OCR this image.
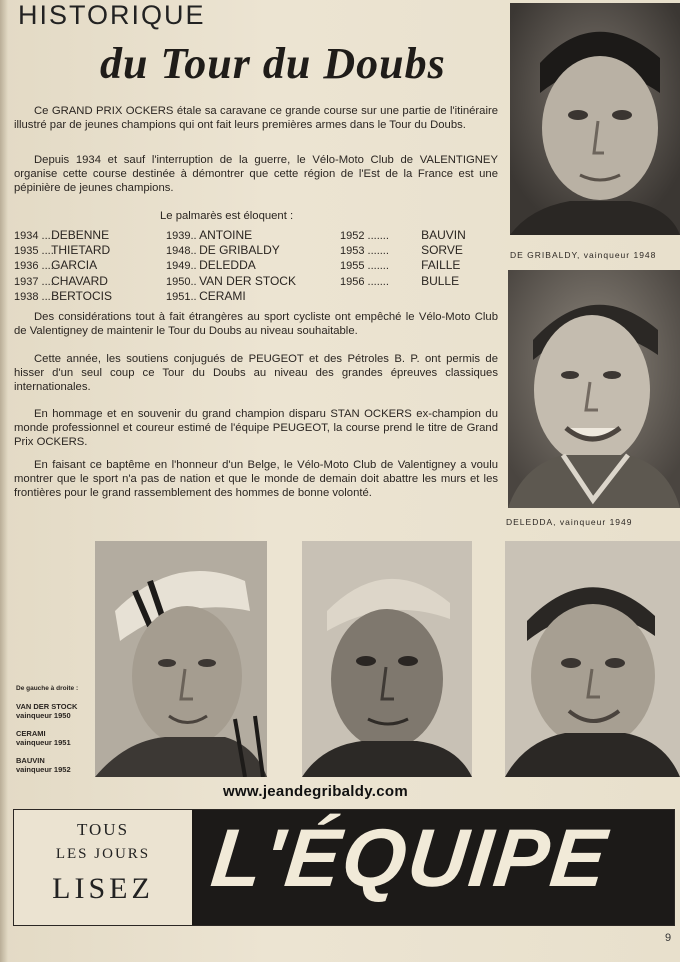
HISTORIQUE
du Tour du Doubs

Ce GRAND PRIX OCKERS étale sa caravane ce grande course sur une partie de l'itinéraire illustré par de jeunes champions qui ont fait leurs premières armes dans le Tour du Doubs.

Depuis 1934 et sauf l'interruption de la guerre, le Vélo-Moto Club de VALENTIGNEY organise cette course destinée à démontrer que cette région de l'Est de la France est une pépinière de jeunes champions.

Le palmarès est éloquent :
1934 .... DEBENNE
1935 .... THIETARD
1936 .... GARCIA
1937 .... CHAVARD
1938 .... BERTOCIS
1939.. ANTOINE
1948.. DE GRIBALDY
1949.. DELEDDA
1950.. VAN DER STOCK
1951.. CERAMI
1952 .......	BAUVIN
1953 .......	SORVE
1955 .......	FAILLE
1956 .......	BULLE

Des considérations tout à fait étrangères au sport cycliste ont empêché le Vélo-Moto Club de Valentigney de maintenir le Tour du Doubs au niveau souhaitable.

Cette année, les soutiens conjugués de PEUGEOT et des Pétroles B. P. ont permis de hisser d'un seul coup ce Tour du Doubs au niveau des grandes épreuves classiques internationales.

En hommage et en souvenir du grand champion disparu STAN OCKERS ex-champion du monde professionnel et coureur estimé de l'équipe PEUGEOT, la course prend le titre de Grand Prix OCKERS.

En faisant ce baptême en l'honneur d'un Belge, le Vélo-Moto Club de Valentigney a voulu montrer que le sport n'a pas de nation et que le monde de demain doit abattre les murs et les frontières pour le grand rassemblement des hommes de bonne volonté.

DE GRIBALDY, vainqueur 1948
DELEDDA, vainqueur 1949
De gauche à droite :
VAN DER STOCK
vainqueur 1950
CERAMI
vainqueur 1951
BAUVIN
vainqueur 1952
www.jeandegribaldy.com
TOUS
LES JOURS
LISEZ L'ÉQUIPE
9
